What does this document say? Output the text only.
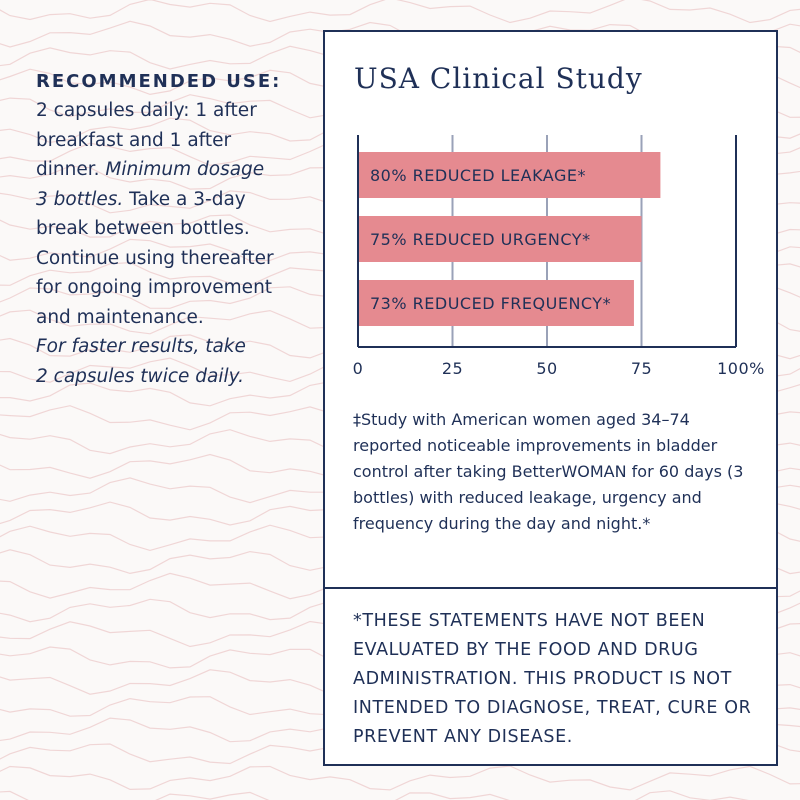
RECOMMENDED USE:
2 capsules daily: 1 after
breakfast and 1 after
dinner. Minimum dosage
3 bottles. Take a 3-day
break between bottles.
Continue using thereafter
for ongoing improvement
and maintenance.
For faster results, take
2 capsules twice daily.
USA Clinical Study
80% REDUCED LEAKAGE*
75% REDUCED URGENCY*
73% REDUCED FREQUENCY*
0	25	50	75	100%
‡Study with American women aged 34–74 reported noticeable improvements in bladder control after taking BetterWOMAN for 60 days (3 bottles) with reduced leakage, urgency and frequency during the day and night.*
*THESE STATEMENTS HAVE NOT BEEN EVALUATED BY THE FOOD AND DRUG ADMINISTRATION. THIS PRODUCT IS NOT INTENDED TO DIAGNOSE, TREAT, CURE OR PREVENT ANY DISEASE.
